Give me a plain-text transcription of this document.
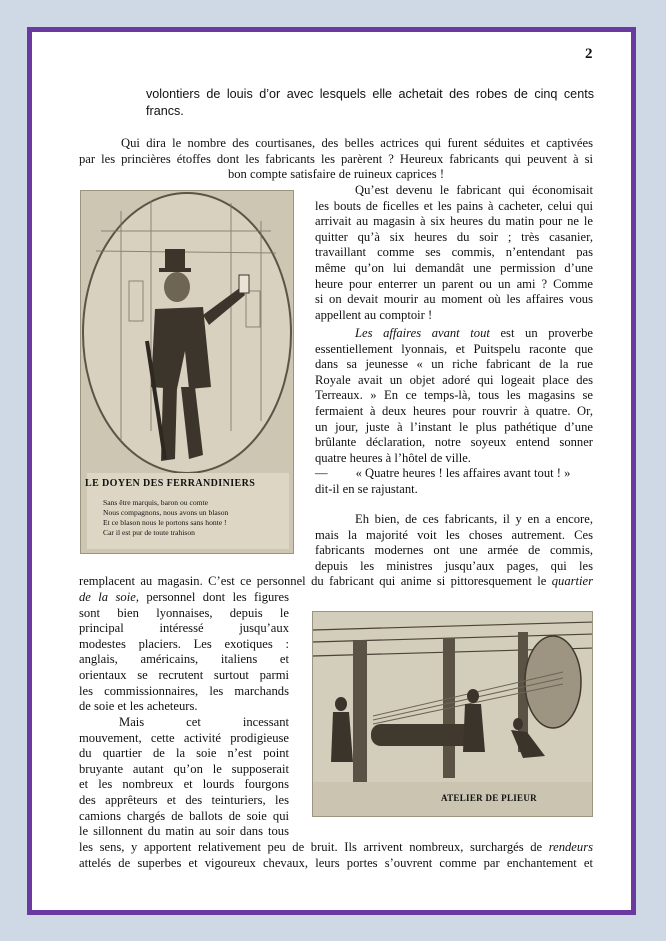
2

volontiers de louis d’or avec lesquels elle achetait des robes de cinq cents

francs.

Qui dira le nombre des courtisanes, des belles actrices qui furent séduites et captivées

par les princières étoffes dont les fabricants les parèrent ? Heureux fabricants qui peuvent à si

bon compte satisfaire de ruineux caprices !

LE DOYEN DES FERRANDINIERS
Sans être marquis, baron ou comte
Nous compagnons, nous avons un blason
Et ce blason nous le portons sans honte !
Car il est pur de toute trahison

Qu’est devenu le fabricant qui économisait

les bouts de ficelles et les pains à cacheter, celui qui

arrivait au magasin à six heures du matin pour ne le

quitter qu’à six heures du soir ; très casanier,

travaillant comme ses commis, n’entendant pas

même qu’on lui demandât une permission d’une

heure pour enterrer un parent ou un ami ? Comme

si on devait mourir au moment où les affaires vous

appellent au comptoir !

Les affaires avant tout est un proverbe

essentiellement lyonnais, et Puitspelu raconte que

dans sa jeunesse « un riche fabricant de la rue

Royale avait un objet adoré qui logeait place des

Terreaux. » En ce temps-là, tous les magasins se

fermaient à deux heures pour rouvrir à quatre. Or,

un jour, juste à l’instant le plus pathétique d’une

brûlante déclaration, notre soyeux entend sonner

quatre heures à l’hôtel de ville.

— « Quatre heures ! les affaires avant tout ! »

dit-il en se rajustant.

Eh bien, de ces fabricants, il y en a encore,

mais la majorité voit les choses autrement. Ces

fabricants modernes ont une armée de commis,

depuis les ministres jusqu’aux pages, qui les

remplacent au magasin. C’est ce personnel du fabricant qui anime si pittoresquement le quartier

de la soie, personnel dont les figures

sont bien lyonnaises, depuis le

principal intéressé jusqu’aux

modestes placiers. Les exotiques :

anglais, américains, italiens et

orientaux se recrutent surtout parmi

les commissionnaires, les marchands

de soie et les acheteurs.

Mais cet incessant

mouvement, cette activité prodigieuse

du quartier de la soie n’est point

bruyante autant qu’on le supposerait

et les nombreux et lourds fourgons

des apprêteurs et des teinturiers, les

camions chargés de ballots de soie qui

le sillonnent du matin au soir dans tous

les sens, y apportent relativement peu de bruit. Ils arrivent nombreux, surchargés de rendeurs

attelés de superbes et vigoureux chevaux, leurs portes s’ouvrent comme par enchantement et

ATELIER DE PLIEUR
